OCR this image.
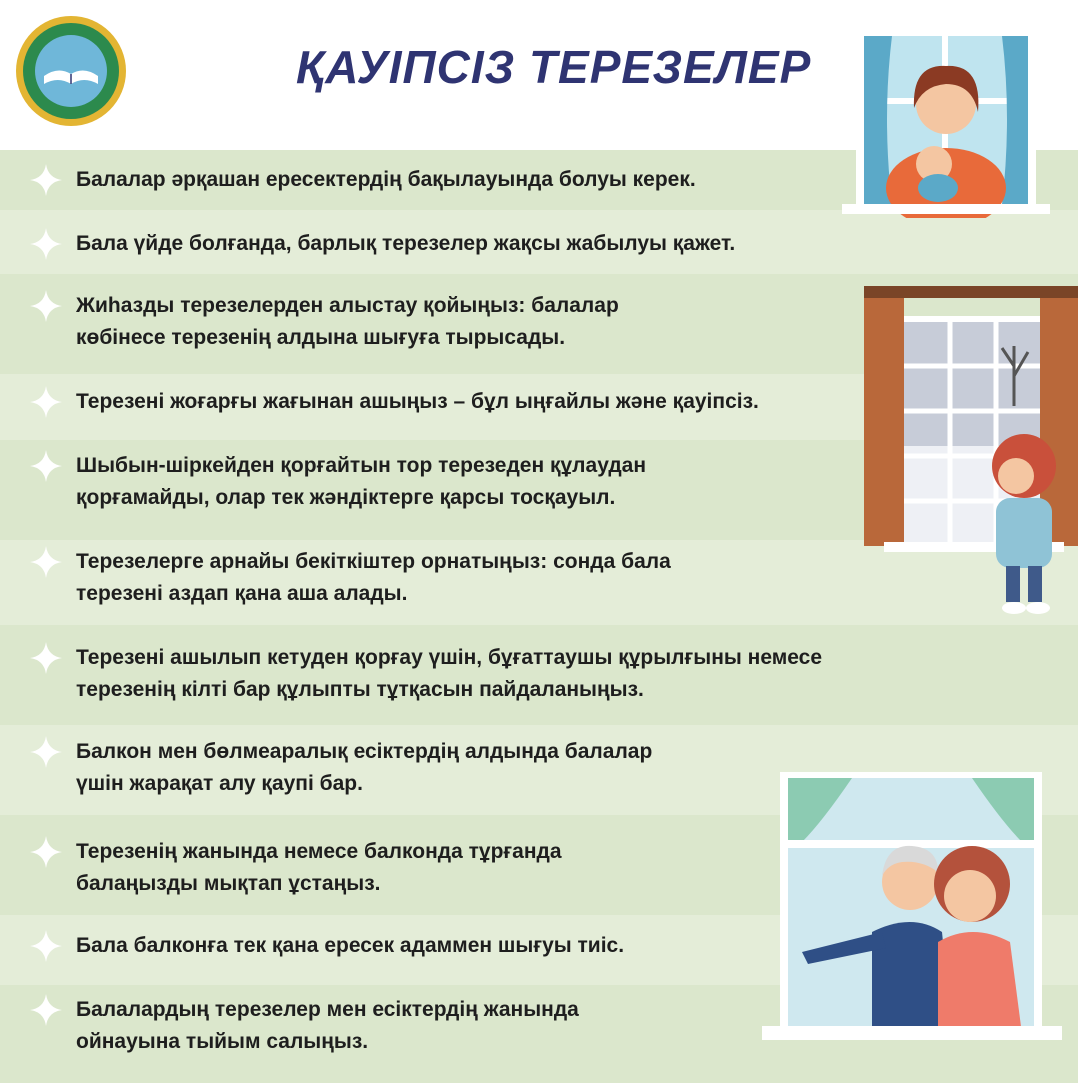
ҚАУІПСІЗ ТЕРЕЗЕЛЕР
Балалар әрқашан ересектердің бақылауында болуы керек.
Бала үйде болғанда, барлық терезелер жақсы жабылуы қажет.
Жиһазды терезелерден алыстау қойыңыз: балалар
көбінесе терезенің алдына шығуға тырысады.
Терезені жоғарғы жағынан ашыңыз – бұл ыңғайлы және қауіпсіз.
Шыбын-шіркейден қорғайтын тор терезеден құлаудан
қорғамайды, олар тек жәндіктерге қарсы тосқауыл.
Терезелерге арнайы бекіткіштер орнатыңыз: сонда бала
терезені аздап қана аша алады.
Терезені ашылып кетуден қорғау үшін, бұғаттаушы құрылғыны немесе
терезенің кілті бар құлыпты тұтқасын пайдаланыңыз.
Балкон мен бөлмеаралық есіктердің алдында балалар
үшін жарақат алу қаупі бар.
Терезенің жанында немесе балконда тұрғанда
балаңызды мықтап ұстаңыз.
Бала балконға тек қана ересек адаммен шығуы тиіс.
Балалардың терезелер мен есіктердің жанында
ойнауына тыйым салыңыз.
